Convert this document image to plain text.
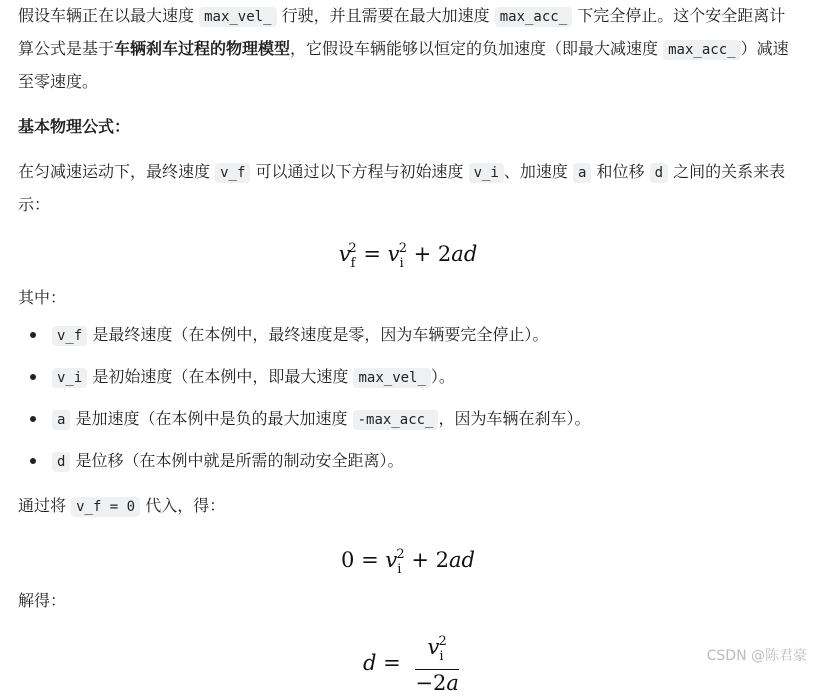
假设车辆正在以最大速度 max_vel_ 行驶，并且需要在最大加速度 max_acc_ 下完全停止。这个安全距离计算公式是基于车辆刹车过程的物理模型，它假设车辆能够以恒定的负加速度（即最大减速度 max_acc_ ）减速至零速度。

基本物理公式：

在匀减速运动下，最终速度 v_f 可以通过以下方程与初始速度 v_i 、加速度 a 和位移 d 之间的关系来表示：

$v_f^2 = v_i^2 + 2ad$

其中：

v_f 是最终速度（在本例中，最终速度是零，因为车辆要完全停止）。
v_i 是初始速度（在本例中，即最大速度 max_vel_ ）。
a 是加速度（在本例中是负的最大加速度 -max_acc_ ，因为车辆在刹车）。
d 是位移（在本例中就是所需的制动安全距离）。

通过将 v_f = 0 代入，得：

$0 = v_i^2 + 2ad$

解得：

$d = \frac{v_i^2}{-2a}$	CSDN @陈君豪
